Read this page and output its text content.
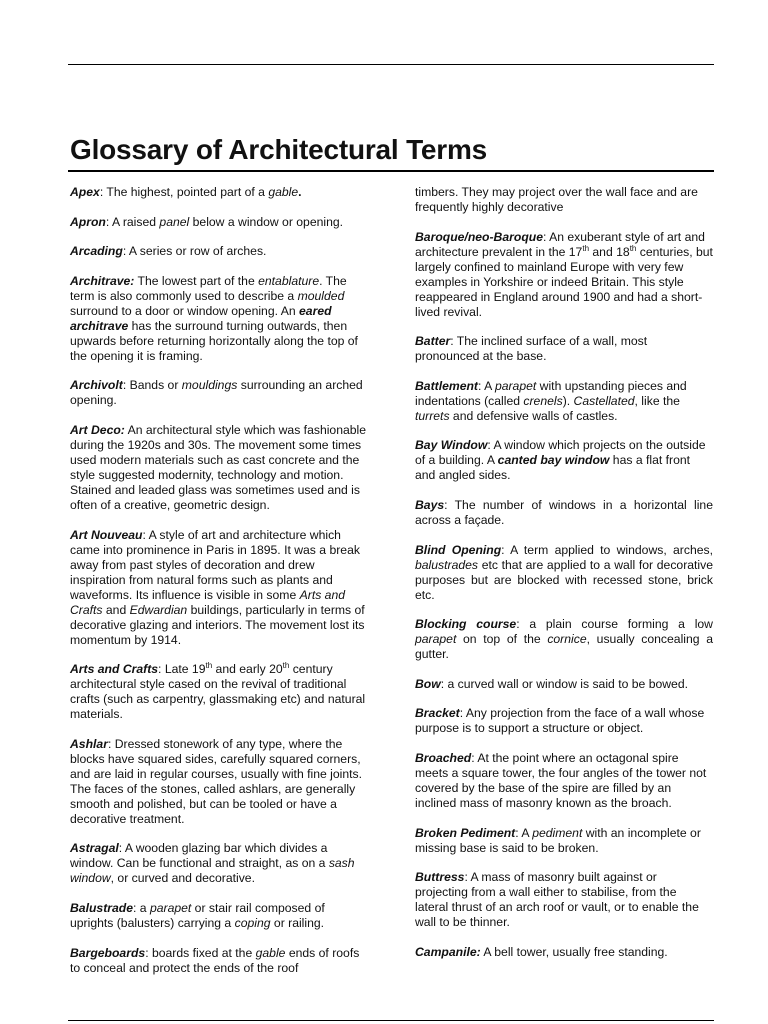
Glossary of Architectural Terms

Apex: The highest, pointed part of a gable.

Apron: A raised panel below a window or opening.

Arcading: A series or row of arches.

Architrave: The lowest part of the entablature. The term is also commonly used to describe a moulded surround to a door or window opening. An eared architrave has the surround turning outwards, then upwards before returning horizontally along the top of the opening it is framing.

Archivolt: Bands or mouldings surrounding an arched opening.

Art Deco: An architectural style which was fashionable during the 1920s and 30s. The movement some times used modern materials such as cast concrete and the style suggested modernity, technology and motion. Stained and leaded glass was sometimes used and is often of a creative, geometric design.

Art Nouveau: A style of art and architecture which came into prominence in Paris in 1895. It was a break away from past styles of decoration and drew inspiration from natural forms such as plants and waveforms. Its influence is visible in some Arts and Crafts and Edwardian buildings, particularly in terms of decorative glazing and interiors. The movement lost its momentum by 1914.

Arts and Crafts: Late 19th and early 20th century architectural style cased on the revival of traditional crafts (such as carpentry, glassmaking etc) and natural materials.

Ashlar: Dressed stonework of any type, where the blocks have squared sides, carefully squared corners, and are laid in regular courses, usually with fine joints. The faces of the stones, called ashlars, are generally smooth and polished, but can be tooled or have a decorative treatment.

Astragal: A wooden glazing bar which divides a window. Can be functional and straight, as on a sash window, or curved and decorative.

Balustrade: a parapet or stair rail composed of uprights (balusters) carrying a coping or railing.

Bargeboards: boards fixed at the gable ends of roofs to conceal and protect the ends of the roof

timbers. They may project over the wall face and are frequently highly decorative

Baroque/neo-Baroque: An exuberant style of art and architecture prevalent in the 17th and 18th centuries, but largely confined to mainland Europe with very few examples in Yorkshire or indeed Britain. This style reappeared in England around 1900 and had a short-lived revival.

Batter: The inclined surface of a wall, most pronounced at the base.

Battlement: A parapet with upstanding pieces and indentations (called crenels). Castellated, like the turrets and defensive walls of castles.

Bay Window: A window which projects on the outside of a building. A canted bay window has a flat front and angled sides.

Bays: The number of windows in a horizontal line across a façade.

Blind Opening: A term applied to windows, arches, balustrades etc that are applied to a wall for decorative purposes but are blocked with recessed stone, brick etc.

Blocking course: a plain course forming a low parapet on top of the cornice, usually concealing a gutter.

Bow: a curved wall or window is said to be bowed.

Bracket: Any projection from the face of a wall whose purpose is to support a structure or object.

Broached: At the point where an octagonal spire meets a square tower, the four angles of the tower not covered by the base of the spire are filled by an inclined mass of masonry known as the broach.

Broken Pediment: A pediment with an incomplete or missing base is said to be broken.

Buttress: A mass of masonry built against or projecting from a wall either to stabilise, from the lateral thrust of an arch roof or vault, or to enable the wall to be thinner.

Campanile: A bell tower, usually free standing.
